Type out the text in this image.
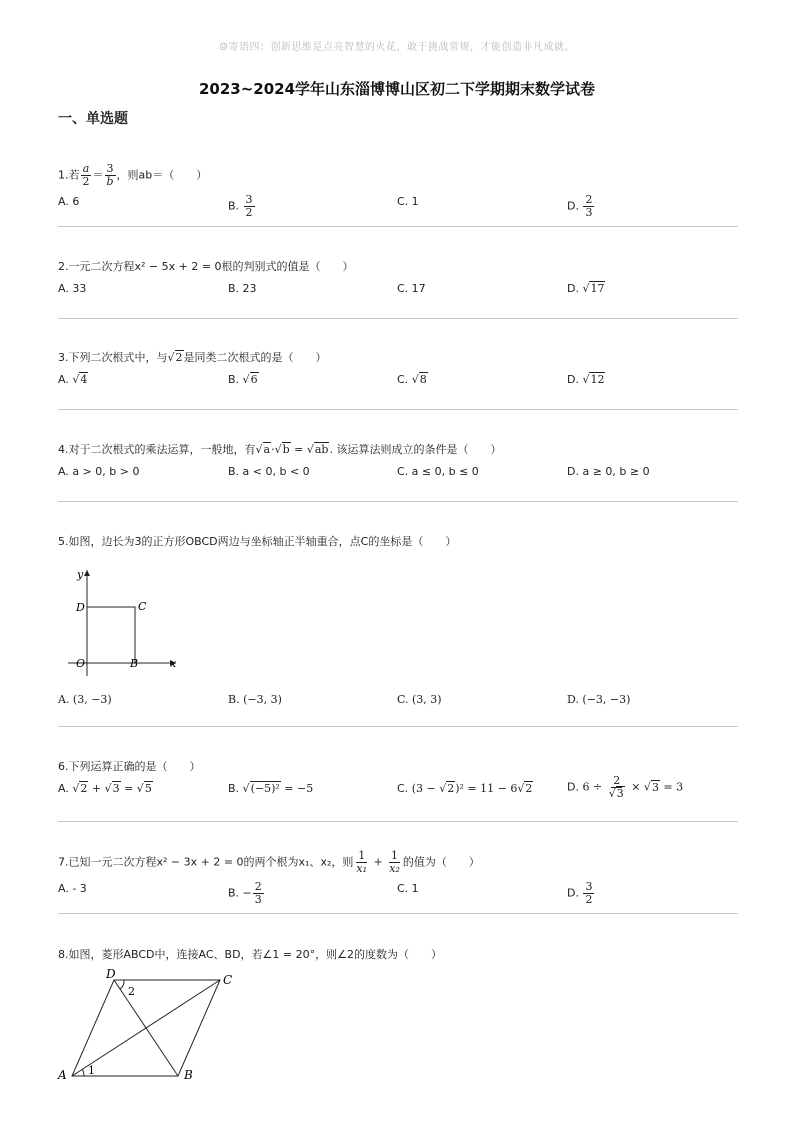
☺寄语四：创新思维是点亮智慧的火花，敢于挑战常规，才能创造非凡成就。
2023~2024学年山东淄博博山区初二下学期期末数学试卷
一、单选题
1.若 $\frac{a}{2} = \frac{3}{b}$ ，则ab＝（　　）
A. 6	B. $\frac{3}{2}$	C. 1	D. $\frac{2}{3}$
2.一元二次方程x² − 5x + 2 = 0根的判别式的值是（　　）
A. 33	B. 23	C. 17	D. √17
3.下列二次根式中，与√2是同类二次根式的是（　　）
A. √4	B. √6	C. √8	D. √12
4.对于二次根式的乘法运算，一般地，有√a·√b = √ab. 该运算法则成立的条件是（　　）
A. a > 0, b > 0	B. a < 0, b < 0	C. a ≤ 0, b ≤ 0	D. a ≥ 0, b ≥ 0
5.如图，边长为3的正方形OBCD两边与坐标轴正半轴重合，点C的坐标是（　　）
y
x
D	C
O	B
A. (3, −3)	B. (−3, 3)	C. (3, 3)	D. (−3, −3)
6.下列运算正确的是（　　）
A. √2 + √3 = √5	B. √(−5)² = −5	C. (3 − √2)² = 11 − 6√2	D. $6 \div \frac{2}{√3} \times √3 = 3$
7.已知一元二次方程x² − 3x + 2 = 0的两个根为x₁、x₂，则 $\frac{1}{\text{x₁}} + \frac{1}{\text{x₂}}$ 的值为（　　）
A. - 3	B. − $\frac{2}{3}$	C. 1	D. $\frac{3}{2}$
8.如图，菱形ABCD中，连接AC、BD，若∠1 = 20°，则∠2的度数为（　　）
A	B
C
D
1
2
